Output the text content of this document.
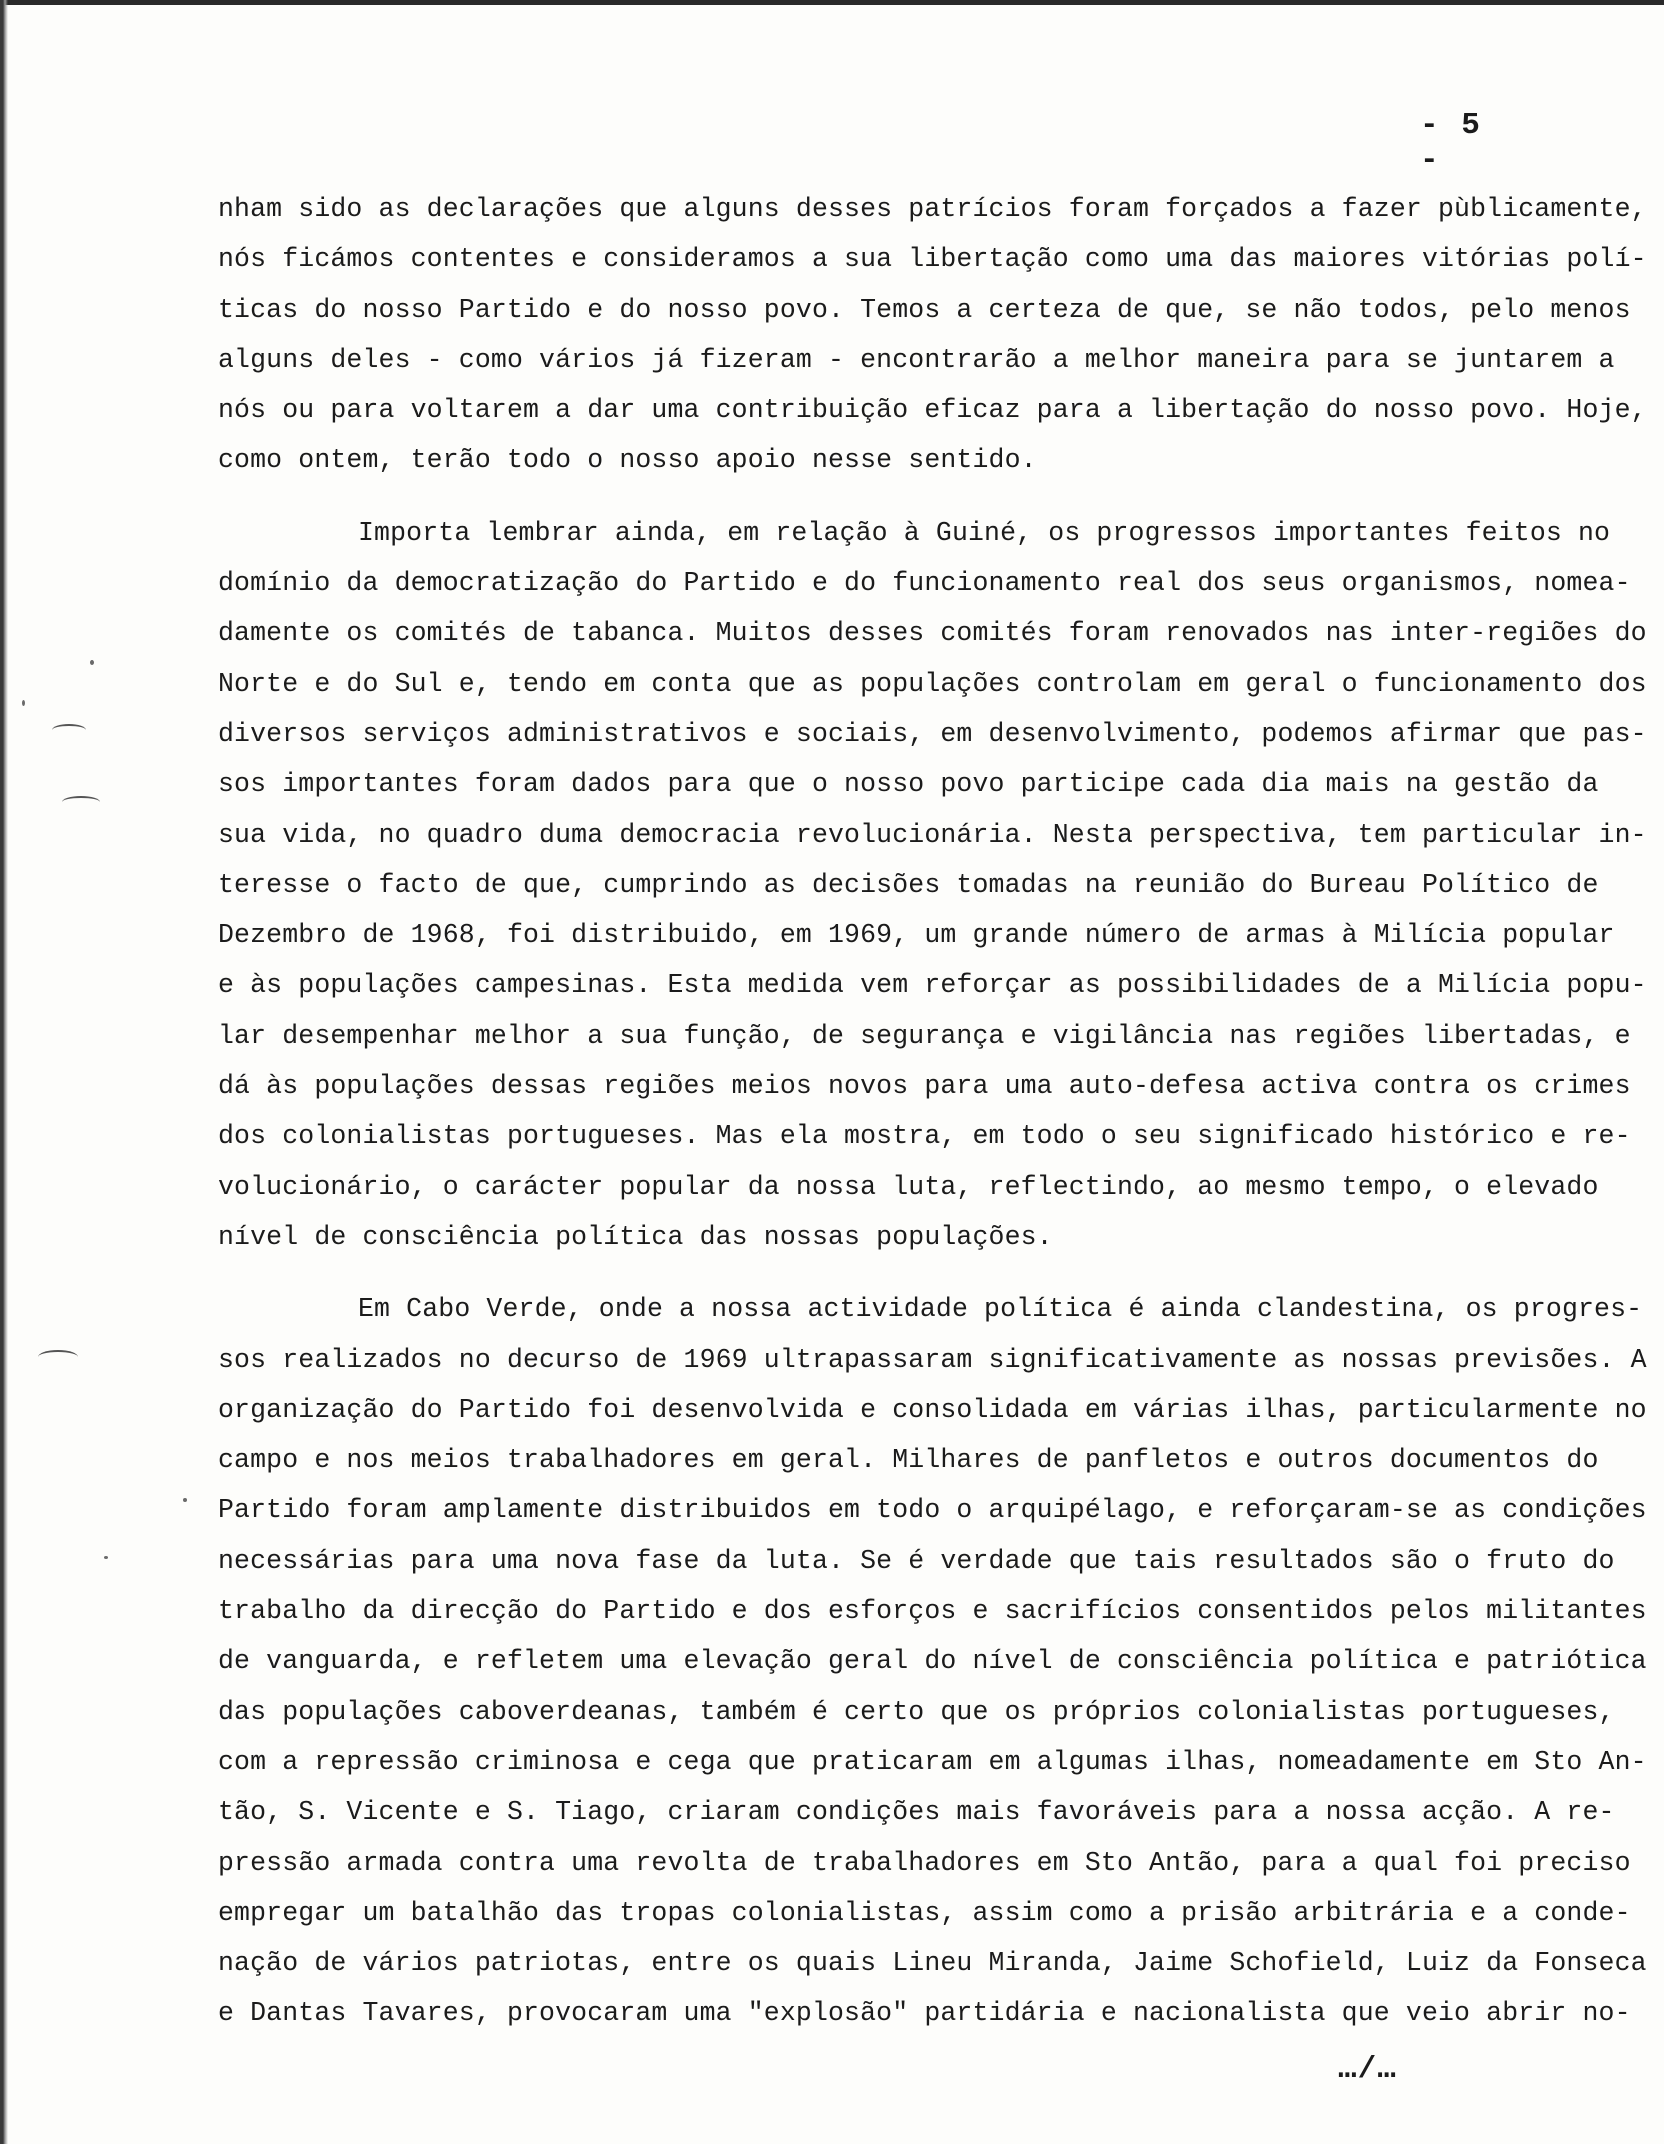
- 5 -
nham sido as declarações que alguns desses patrícios foram forçados a fazer pùblicamente,
nós ficámos contentes e consideramos a sua libertação como uma das maiores vitórias polí-
ticas do nosso Partido e do nosso povo. Temos a certeza de que, se não todos, pelo menos
alguns deles - como vários já fizeram - encontrarão a melhor maneira para se juntarem a
nós ou para voltarem a dar uma contribuição eficaz para a libertação do nosso povo. Hoje,
como ontem, terão todo o nosso apoio nesse sentido.
Importa lembrar ainda, em relação à Guiné, os progressos importantes feitos no
domínio da democratização do Partido e do funcionamento real dos seus organismos, nomea-
damente os comités de tabanca. Muitos desses comités foram renovados nas inter-regiões do
Norte e do Sul e, tendo em conta que as populações controlam em geral o funcionamento dos
diversos serviços administrativos e sociais, em desenvolvimento, podemos afirmar que pas-
sos importantes foram dados para que o nosso povo participe cada dia mais na gestão da
sua vida, no quadro duma democracia revolucionária. Nesta perspectiva, tem particular in-
teresse o facto de que, cumprindo as decisões tomadas na reunião do Bureau Político de
Dezembro de 1968, foi distribuido, em 1969, um grande número de armas à Milícia popular
e às populações campesinas. Esta medida vem reforçar as possibilidades de a Milícia popu-
lar desempenhar melhor a sua função, de segurança e vigilância nas regiões libertadas, e
dá às populações dessas regiões meios novos para uma auto-defesa activa contra os crimes
dos colonialistas portugueses. Mas ela mostra, em todo o seu significado histórico e re-
volucionário, o carácter popular da nossa luta, reflectindo, ao mesmo tempo, o elevado
nível de consciência política das nossas populações.
Em Cabo Verde, onde a nossa actividade política é ainda clandestina, os progres-
sos realizados no decurso de 1969 ultrapassaram significativamente as nossas previsões. A
organização do Partido foi desenvolvida e consolidada em várias ilhas, particularmente no
campo e nos meios trabalhadores em geral. Milhares de panfletos e outros documentos do
Partido foram amplamente distribuidos em todo o arquipélago, e reforçaram-se as condições
necessárias para uma nova fase da luta. Se é verdade que tais resultados são o fruto do
trabalho da direcção do Partido e dos esforços e sacrifícios consentidos pelos militantes
de vanguarda, e refletem uma elevação geral do nível de consciência política e patriótica
das populações caboverdeanas, também é certo que os próprios colonialistas portugueses,
com a repressão criminosa e cega que praticaram em algumas ilhas, nomeadamente em Sto An-
tão, S. Vicente e S. Tiago, criaram condições mais favoráveis para a nossa acção. A re-
pressão armada contra uma revolta de trabalhadores em Sto Antão, para a qual foi preciso
empregar um batalhão das tropas colonialistas, assim como a prisão arbitrária e a conde-
nação de vários patriotas, entre os quais Lineu Miranda, Jaime Schofield, Luiz da Fonseca
e Dantas Tavares, provocaram uma "explosão" partidária e nacionalista que veio abrir no-
…/…
